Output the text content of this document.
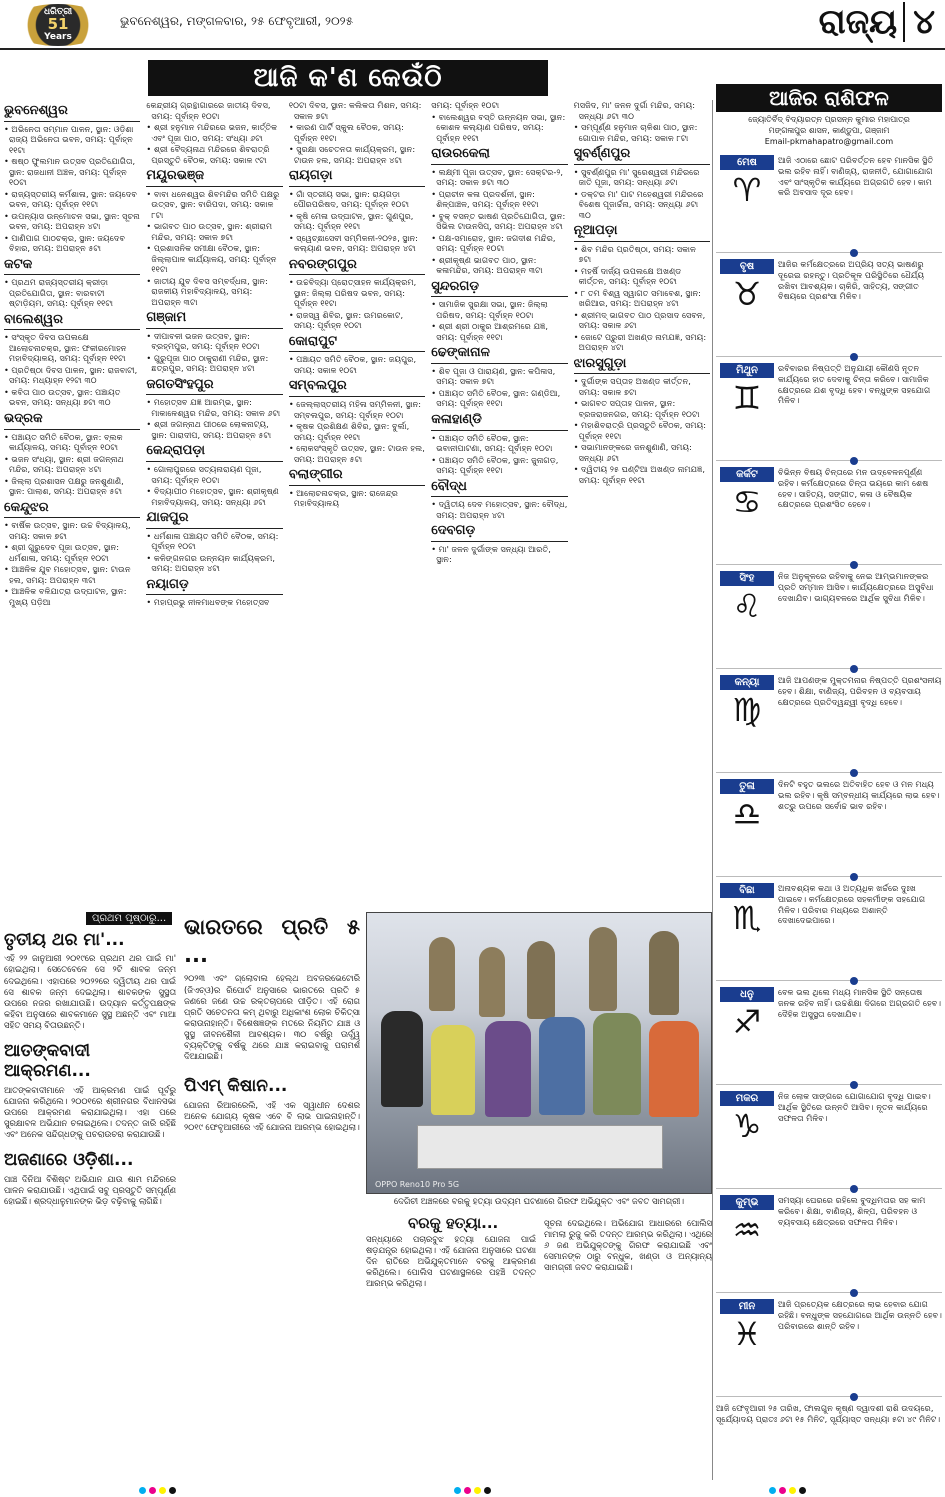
ଧରିତ୍ରୀ
51
Years
ଭୁବନେଶ୍ୱର, ମଙ୍ଗଳବାର, ୨୫ ଫେବୃଆରୀ, ୨୦୨୫	ରାଜ୍ୟ ୪
ଆଜି କ'ଣ କେଉଁଠି
ଭୁବନେଶ୍ୱର
• ଅଭିନେତା ସମ୍ମାନ ପାଳନ, ସ୍ଥାନ: ଓଡ଼ିଶା ରାଜ୍ୟ ଅଭିନେତା ଭବନ, ସମୟ: ପୂର୍ବାହ୍ନ ୧୧ଟା
• ଷଷ୍ଠ ଫୁଲମାନ ଉତ୍ସବ ପ୍ରତିଯୋଗିତା, ସ୍ଥାନ: ରାଜଧାନୀ ଅଞ୍ଚଳ, ସମୟ: ପୂର୍ବାହ୍ନ ୧୦ଟା
• ରାଜ୍ୟସ୍ତରୀୟ କର୍ମଶାଳା, ସ୍ଥାନ: ଜୟଦେବ ଭବନ, ସମୟ: ପୂର୍ବାହ୍ନ ୧୧ଟା
• ଉପନ୍ୟାସ ଉନ୍ମୋଚନ ସଭା, ସ୍ଥାନ: ସୂଚନା ଭବନ, ସମୟ: ଅପରାହ୍ନ ୪ଟା
• ପାଣିପାଗ ପାଠଚକ୍ର, ସ୍ଥାନ: ଜୟଦେବ ବିହାର, ସମୟ: ଅପରାହ୍ନ ୫ଟା
କଟକ
• ପ୍ରଥମ ରାଜ୍ୟସ୍ତରୀୟ କ୍ରୀଡ଼ା ପ୍ରତିଯୋଗିତା, ସ୍ଥାନ: ବାରବାଟୀ ଷ୍ଟାଡ଼ିୟମ, ସମୟ: ପୂର୍ବାହ୍ନ ୧୧ଟା
ବାଲେଶ୍ୱର
• ସଂସ୍କୃତ ଦିବସ ଉପଲକ୍ଷେ ଆଲୋଚନାଚକ୍ର, ସ୍ଥାନ: ଫକୀରମୋହନ ମହାବିଦ୍ୟାଳୟ, ସମୟ: ପୂର୍ବାହ୍ନ ୧୧ଟା
• ପ୍ରତିଷ୍ଠା ଦିବସ ପାଳନ, ସ୍ଥାନ: ରାଜବାଟୀ, ସମୟ: ମଧ୍ୟାହ୍ନ ୧୨ଟା ୩୦
• କବିତା ପାଠ ଉତ୍ସବ, ସ୍ଥାନ: ପଞ୍ଚାୟତ ଭବନ, ସମୟ: ସନ୍ଧ୍ୟା ୭ଟା ୩୦
ଭଦ୍ରକ
• ପଞ୍ଚାୟତ ସମିତି ବୈଠକ, ସ୍ଥାନ: ବ୍ଲକ କାର୍ଯ୍ୟାଳୟ, ସମୟ: ପୂର୍ବାହ୍ନ ୧୦ଟା
• ଭଜନ ସଂଧ୍ୟା, ସ୍ଥାନ: ଶ୍ରୀ ଜଗନ୍ନାଥ ମନ୍ଦିର, ସମୟ: ଅପରାହ୍ନ ୪ଟା
• ଜିଲ୍ଲା ପ୍ରଶାସନ ପକ୍ଷରୁ ଜନଶୁଣାଣି, ସ୍ଥାନ: ପାଲାଶ, ସମୟ: ଅପରାହ୍ନ ୫ଟା
କେନ୍ଦୁଝର
• ବାର୍ଷିକ ଉତ୍ସବ, ସ୍ଥାନ: ଉଚ୍ଚ ବିଦ୍ୟାଳୟ, ସମୟ: ସକାଳ ୭ଟା
• ଶ୍ରୀ ଗୁରୁଦେବ ପୂଜା ଉତ୍ସବ, ସ୍ଥାନ: ଧର୍ମଶାଳା, ସମୟ: ପୂର୍ବାହ୍ନ ୧୦ଟା
• ଆଞ୍ଚଳିକ ଯୁବ ମହୋତ୍ସବ, ସ୍ଥାନ: ଟାଉନ ହଲ, ସମୟ: ଅପରାହ୍ନ ୩ଟା
• ଆଞ୍ଚଳିକ ବଳିଯାତ୍ରା ଉଦ୍‌ଘାଟନ, ସ୍ଥାନ: ମୁଖ୍ୟ ପଡ଼ିଆ
କେନ୍ଦ୍ରୀୟ ଗ୍ରନ୍ଥାଗାରରେ ଜାତୀୟ ଦିବସ, ସମୟ: ପୂର୍ବାହ୍ନ ୧୦ଟା
• ଶ୍ରୀ ହନୁମାନ ମନ୍ଦିରରେ ଭଜନ, କାର୍ତ୍ତିକ ଏବଂ ପୂଜା ପାଠ, ସମୟ: ସଂଧ୍ୟା ୬ଟା
• ଶ୍ରୀ ବୈଦ୍ୟନାଥ ମନ୍ଦିରରେ ଶିବରାତ୍ରି ପ୍ରସ୍ତୁତି ବୈଠକ, ସମୟ: ସକାଳ ୯ଟା
ମୟୂରଭଞ୍ଜ
• ବାବା ଧନେଶ୍ୱର ଶିବମନ୍ଦିର ସମିତି ପକ୍ଷରୁ ଉତ୍ସବ, ସ୍ଥାନ: ବାରିପଦା, ସମୟ: ସକାଳ ୮ଟା
• ଭାଗବତ ପାଠ ଉତ୍ସବ, ସ୍ଥାନ: ଶ୍ରୀରାମ ମନ୍ଦିର, ସମୟ: ସକାଳ ୭ଟା
• ପ୍ରଶାସନିକ ସମୀକ୍ଷା ବୈଠକ, ସ୍ଥାନ: ଜିଲ୍ଲାପାଳ କାର୍ଯ୍ୟାଳୟ, ସମୟ: ପୂର୍ବାହ୍ନ ୧୧ଟା
• ଜାତୀୟ ଯୁବ ଦିବସ ସମ୍ବର୍ଦ୍ଧନା, ସ୍ଥାନ: ରାଜକୀୟ ମହାବିଦ୍ୟାଳୟ, ସମୟ: ଅପରାହ୍ନ ୩ଟା
ଗଞ୍ଜାମ
• ଦୀପାବଳୀ ଭଜନ ଉତ୍ସବ, ସ୍ଥାନ: ବ୍ରହ୍ମପୁର, ସମୟ: ପୂର୍ବାହ୍ନ ୧୦ଟା
• ଗୁରୁପୂଜା ପାଠ ଠାକୁରାଣୀ ମନ୍ଦିର, ସ୍ଥାନ: ଛତ୍ରପୁର, ସମୟ: ଅପରାହ୍ନ ୪ଟା
ଜଗତସିଂହପୁର
• ମହୋତ୍ସବ ଯଜ୍ଞ ଆରମ୍ଭ, ସ୍ଥାନ: ମାକାଳେଶ୍ୱର ମନ୍ଦିର, ସମୟ: ସକାଳ ୬ଟା
• ଶ୍ରୀ ଜଗନ୍ନାଥ ପୀଠରେ ଲୋକନାଟ୍ୟ, ସ୍ଥାନ: ପାରାଦୀପ, ସମୟ: ଅପରାହ୍ନ ୫ଟା
କେନ୍ଦ୍ରାପଡ଼ା
• ଗୋଲାପୁରରେ ସତ୍ୟନାରାୟଣ ପୂଜା, ସମୟ: ପୂର୍ବାହ୍ନ ୧୦ଟା
• ବିଦ୍ୟାପୀଠ ମହୋତ୍ସବ, ସ୍ଥାନ: ଶ୍ରୀକୃଷ୍ଣ ମହାବିଦ୍ୟାଳୟ, ସମୟ: ସନ୍ଧ୍ୟା ୬ଟା
ଯାଜପୁର
• ଧର୍ମଶାଳା ପଞ୍ଚାୟତ ସମିତି ବୈଠକ, ସମୟ: ପୂର୍ବାହ୍ନ ୧୦ଟା
• କଳିଙ୍ଗନଗର ଉନ୍ନୟନ କାର୍ଯ୍ୟକ୍ରମ, ସମୟ: ଅପରାହ୍ନ ୪ଟା
ନୟାଗଡ଼
• ମହାପ୍ରଭୁ ନୀଳମାଧବଙ୍କ ମହୋତ୍ସବ
୧୦ଟା ଦିବସ, ସ୍ଥାନ: କଲିକତା ମିଶନ, ସମୟ: ସକାଳ ୭ଟା
• କାରଣ ପାର୍ଟି ସ୍କୁଲ ବୈଠକ, ସମୟ: ପୂର୍ବାହ୍ନ ୧୧ଟା
• ସୁରକ୍ଷା ସଚେତନତା କାର୍ଯ୍ୟକ୍ରମ, ସ୍ଥାନ: ଟାଉନ ହଲ, ସମୟ: ଅପରାହ୍ନ ୪ଟା
ରାୟଗଡ଼ା
• ଗାଁ ସ୍ତରୀୟ ସଭା, ସ୍ଥାନ: ରାୟଗଡ଼ା ପୌରପରିଷଦ, ସମୟ: ପୂର୍ବାହ୍ନ ୧୦ଟା
• କୃଷି ମେଳା ଉଦ୍‌ଘାଟନ, ସ୍ଥାନ: ଗୁଣପୁର, ସମୟ: ପୂର୍ବାହ୍ନ ୧୧ଟା
• ସ୍ୱେଚ୍ଛାସେବୀ ସମ୍ମିଳନୀ-୨୦୨୫, ସ୍ଥାନ: କଲ୍ୟାଣ ଭବନ, ସମୟ: ଅପରାହ୍ନ ୪ଟା
ନବରଙ୍ଗପୁର
• ଉଚ୍ଚବିଦ୍ୟା ପ୍ରୋତ୍ସାହନ କାର୍ଯ୍ୟକ୍ରମ, ସ୍ଥାନ: ଜିଲ୍ଲା ପରିଷଦ ଭବନ, ସମୟ: ପୂର୍ବାହ୍ନ ୧୧ଟା
• ରାଜସ୍ୱ ଶିବିର, ସ୍ଥାନ: ଉମରକୋଟ, ସମୟ: ପୂର୍ବାହ୍ନ ୧୦ଟା
କୋରାପୁଟ
• ପଞ୍ଚାୟତ ସମିତି ବୈଠକ, ସ୍ଥାନ: ଜୟପୁର, ସମୟ: ସକାଳ ୧୦ଟା
ସମ୍ବଲପୁର
• ଜେଲ୍ଲାସ୍ତରୀୟ ମହିଳା ସମ୍ମିଳନୀ, ସ୍ଥାନ: ସମ୍ବଲପୁର, ସମୟ: ପୂର୍ବାହ୍ନ ୧୦ଟା
• କୃଷକ ପ୍ରଶିକ୍ଷଣ ଶିବିର, ସ୍ଥାନ: ବୁର୍ଲା, ସମୟ: ପୂର୍ବାହ୍ନ ୧୧ଟା
• ଲୋକସଂସ୍କୃତି ଉତ୍ସବ, ସ୍ଥାନ: ଟାଉନ ହଲ, ସମୟ: ଅପରାହ୍ନ ୫ଟା
ବଲାଙ୍ଗୀର
• ଆଲୋଚନାଚକ୍ର, ସ୍ଥାନ: ରାଜେନ୍ଦ୍ର ମହାବିଦ୍ୟାଳୟ
ସମୟ: ପୂର୍ବାହ୍ନ ୧୦ଟା
• ବାଲେଶ୍ୱର ବସ୍ତି ଉନ୍ନୟନ ସଭା, ସ୍ଥାନ: କୋଶଳ କଲ୍ୟାଣ ପରିଷଦ, ସମୟ: ପୂର୍ବାହ୍ନ ୧୧ଟା
ରାଉରକେଲା
• ଲକ୍ଷ୍ମୀ ପୂଜା ଉତ୍ସବ, ସ୍ଥାନ: ସେକ୍ଟର-୨, ସମୟ: ସକାଳ ୭ଟା ୩୦
• ପ୍ରାଚୀନ କଳା ପ୍ରଦର୍ଶନୀ, ସ୍ଥାନ: ଶିଳ୍ପାଞ୍ଚଳ, ସମୟ: ପୂର୍ବାହ୍ନ ୧୧ଟା
• ବୁକ୍ ବସନ୍ତ ଭାଷଣ ପ୍ରତିଯୋଗିତା, ସ୍ଥାନ: ସିଭିଲ ଟାଉନସିପ୍, ସମୟ: ଅପରାହ୍ନ ୪ଟା
• ପକ୍ଷ-ସମାରୋହ, ସ୍ଥାନ: ଜଗଦୀଶ ମନ୍ଦିର, ସମୟ: ପୂର୍ବାହ୍ନ ୧୦ଟା
• ଶ୍ରୀକୃଷ୍ଣ ଭାଗବତ ପାଠ, ସ୍ଥାନ: କଳାମନ୍ଦିର, ସମୟ: ଅପରାହ୍ନ ୩ଟା
ସୁନ୍ଦରଗଡ଼
• ସାମାଜିକ ସୁରକ୍ଷା ସଭା, ସ୍ଥାନ: ଜିଲ୍ଲା ପରିଷଦ, ସମୟ: ପୂର୍ବାହ୍ନ ୧୦ଟା
• ଶ୍ରୀ ଶ୍ରୀ ଠାକୁର ଆଶ୍ରମରେ ଯଜ୍ଞ, ସମୟ: ପୂର୍ବାହ୍ନ ୧୧ଟା
ଢେଙ୍କାନାଳ
• ଶିବ ପୂଜା ଓ ପାରାୟଣ, ସ୍ଥାନ: କପିଳାସ, ସମୟ: ସକାଳ ୭ଟା
• ପଞ୍ଚାୟତ ସମିତି ବୈଠକ, ସ୍ଥାନ: ଗଣ୍ଡିଆ, ସମୟ: ପୂର୍ବାହ୍ନ ୧୧ଟା
କଳାହାଣ୍ଡି
• ପଞ୍ଚାୟତ ସମିତି ବୈଠକ, ସ୍ଥାନ: ଭବାନୀପାଟଣା, ସମୟ: ପୂର୍ବାହ୍ନ ୧୦ଟା
• ପଞ୍ଚାୟତ ସମିତି ବୈଠକ, ସ୍ଥାନ: ଜୁନାଗଡ଼, ସମୟ: ପୂର୍ବାହ୍ନ ୧୧ଟା
ବୌଦ୍ଧ
• ଦ୍ୱିତୀୟ ଦେବ ମହୋତ୍ସବ, ସ୍ଥାନ: ବୌଦ୍ଧ, ସମୟ: ଅପରାହ୍ନ ୪ଟା
ଦେବଗଡ଼
• ମା' ଜଳନ ଦୁର୍ଗାଙ୍କ ସନ୍ଧ୍ୟା ଆରତି, ସ୍ଥାନ:
ମସଜିଦ, ମା' ଜନନ ଦୁର୍ଗା ମନ୍ଦିର, ସମୟ: ସନ୍ଧ୍ୟା ୬ଟା ୩୦
• ସମ୍ପୂର୍ଣ୍ଣ ହନୁମାନ ଚାଳିଶା ପାଠ, ସ୍ଥାନ: ଗୋପାଳ ମନ୍ଦିର, ସମୟ: ସକାଳ ୮ଟା
ସୁବର୍ଣ୍ଣପୁର
• ସୁବର୍ଣ୍ଣପୁର ମା' ସୁରେଶ୍ୱରୀ ମନ୍ଦିରରେ ଜାତି ପୂଜା, ସମୟ: ସନ୍ଧ୍ୟା ୬ଟା
• ଡକ୍ଟର ମା' ପାଟ ମହେଶ୍ୱରୀ ମନ୍ଦିରରେ ବିଶେଷ ପୂଜାର୍ଚ୍ଚନା, ସମୟ: ସନ୍ଧ୍ୟା ୬ଟା ୩୦
ନୂଆପଡ଼ା
• ଶିବ ମନ୍ଦିର ପ୍ରତିଷ୍ଠା, ସମୟ: ସକାଳ ୭ଟା
• ମହର୍ଷି ଦାର୍ଜ୍ୟ ଉପଲକ୍ଷେ ଅଖଣ୍ଡ କୀର୍ତ୍ତନ, ସମୟ: ପୂର୍ବାହ୍ନ ୧୦ଟା
• ୮ ତମ ବିଶ୍ୱ ସ୍ୱାଗତ ସମାବେଶ, ସ୍ଥାନ: ଖରିଆର, ସମୟ: ଅପରାହ୍ନ ୪ଟା
• ଶ୍ରୀମଦ୍ ଭାଗବତ ପାଠ ପ୍ରସାଦ ସେବନ, ସମୟ: ସକାଳ ୬ଟା
• ଜୋଟେ ପ୍ରୁରୀ ଅଖଣ୍ଡ ନାମଯଜ୍ଞ, ସମୟ: ଅପରାହ୍ନ ୪ଟା
ଝାରସୁଗୁଡ଼ା
• ଦୁର୍ଗାଙ୍କ ସପ୍ତାହ ଅଖଣ୍ଡ କୀର୍ତ୍ତନ, ସମୟ: ସକାଳ ୭ଟା
• ଭାଗବତ ସପ୍ତାହ ପାଳନ, ସ୍ଥାନ: ବ୍ରଜରାଜନଗର, ସମୟ: ପୂର୍ବାହ୍ନ ୧୦ଟା
• ମହାଶିବରାତ୍ରି ପ୍ରସ୍ତୁତି ବୈଠକ, ସମୟ: ପୂର୍ବାହ୍ନ ୧୧ଟା
• ସଭାମାନଙ୍କରେ ଜନଶୁଣାଣି, ସମୟ: ସନ୍ଧ୍ୟା ୬ଟା
• ଦ୍ୱିତୀୟ ୨୫ ଘଣ୍ଟିଆ ଅଖଣ୍ଡ ନାମଯଜ୍ଞ, ସମୟ: ପୂର୍ବାହ୍ନ ୧୧ଟା
ଆଜିର ରାଶିଫଳ
ଜ୍ୟୋତିର୍ବିଦ୍ ବିଦ୍ୟାରତ୍ନ ପ୍ରସନ୍ନ କୁମାର ମହାପାତ୍ର
ମଙ୍ଗଳାପୁର ଶାସନ, କାଣ୍ଡୁପା, ଗଞ୍ଜାମ
Email-pkmahapatro@gmail.com
ମେଷ
♈
ଆଜି ଏଠାରେ ଛୋଟ ପରିବର୍ତ୍ତନ ହେବ ମାନସିକ ସ୍ଥିତି ଭଲ ରହିବ ନାହିଁ। ବାଣିଜ୍ୟ, ରାଜନୀତି, ଯୋଗାଯୋଗ ଏବଂ ସାଂସ୍କୃତିକ କାର୍ଯ୍ୟରେ ଅଗ୍ରଗତି ହେବ। କାମ କରି ଅବସାଦ ଦୂର ହେବ।
ବୃଷ
♉
ଆଜିର କର୍ମକ୍ଷେତ୍ରରେ ଅପ୍ରିୟ ସତ୍ୟ ଭାଷଣରୁ ଦୂରେଇ ରହନ୍ତୁ। ପ୍ରତିକୂଳ ପରିସ୍ଥିତିରେ ଧୈର୍ଯ୍ୟ ରଖିବା ଆବଶ୍ୟକ। ଚାକିରି, ସାହିତ୍ୟ, ସଙ୍ଗୀତ ବିଷୟରେ ପ୍ରଶଂସା ମିଳିବ।
ମିଥୁନ
♊
ରବିବାରର ନିଷ୍ପତ୍ତି ଅନୁଯାୟୀ କୌଣସି ନୂତନ କାର୍ଯ୍ୟରେ ହାତ ଦେବାକୁ ଚିନ୍ତା କରିବେ। ସାମାଜିକ କ୍ଷେତ୍ରରେ ଯଶ ବୃଦ୍ଧି ହେବ। ବନ୍ଧୁଙ୍କ ସହଯୋଗ ମିଳିବ।
କର୍କଟ
♋
ବିଭିନ୍ନ ବିଷୟ ଚିନ୍ତାରେ ମନ ଉଦ୍ବେଳନପୂର୍ଣ୍ଣ ରହିବ। କର୍ମକ୍ଷେତ୍ରରେ ଚିନ୍ତା ଭୟରେ କାମ ଶେଷ ହେବ। ସାହିତ୍ୟ, ସଙ୍ଗୀତ, କଳା ଓ ବୈଷୟିକ କ୍ଷେତ୍ରରେ ପ୍ରଶଂସିତ ହେବେ।
ସିଂହ
♌
ନିଜ ଅନୁକୂଳରେ ରହିବାକୁ ନେଇ ଆମ୍ଭମାନଙ୍କର ପ୍ରତି ସମ୍ମାନ ଆସିବ। କାର୍ଯ୍ୟକ୍ଷେତ୍ରରେ ଅସୁବିଧା ଦେଖାଯିବ। ଭାଗ୍ୟବଳରେ ଆର୍ଥିକ ସୁବିଧା ମିଳିବ।
କନ୍ୟା
♍
ଆଜି ଆପଣଙ୍କ ମୁକ୍ତମନାର ନିଷ୍ପତ୍ତି ପ୍ରଶଂସନୀୟ ହେବ। ଶିକ୍ଷା, ବାଣିଜ୍ୟ, ପରିବହନ ଓ ବ୍ୟବସାୟ କ୍ଷେତ୍ରରେ ପ୍ରତିଦ୍ୱନ୍ଦ୍ୱୀ ବୃଦ୍ଧି ହେବେ।
ତୁଳା
♎
ଦିନଟି ବହୁତ ଭଲରେ ଅତିବାହିତ ହେବ ଓ ମନ ମଧ୍ୟ ଭଲ ରହିବ। କୃଷି ସମ୍ବନ୍ଧୀୟ କାର୍ଯ୍ୟରେ ଲାଭ ହେବ। ଶତ୍ରୁ ଉପରେ ସର୍ବୋଚ୍ଚ ଭାବ ରହିବ।
ବିଛା
♏
ଅନାବଶ୍ୟକ କଥା ଓ ଅତ୍ୟଧିକ ଖର୍ଚ୍ଚରେ ଦୁଃଖ ପାଇବେ। କର୍ମକ୍ଷେତ୍ରରେ ସହକର୍ମୀଙ୍କ ସହଯୋଗ ମିଳିବ। ପରିବାର ମଧ୍ୟରେ ଅଶାନ୍ତି ଦେଖାଦେଇପାରେ।
ଧନୁ
♐
ବେଳ ଭଲ ଥିଲେ ମଧ୍ୟ ମାନସିକ ସ୍ଥିତି ସନ୍ତୋଷ ଜନକ ରହିବ ନାହିଁ। ଉଚ୍ଚଶିକ୍ଷା ଦିଗରେ ଅଗ୍ରଗତି ହେବ। ଦୈହିକ ଅସୁସ୍ଥତା ଦେଖାଯିବ।
ମକର
♑
ନିଜ ଲୋକ ସାଙ୍ଗରେ ଯୋଗାଯୋଗ ବୃଦ୍ଧି ପାଇବ। ଆର୍ଥିକ ସ୍ଥିତିରେ ଉନ୍ନତି ଆସିବ। ନୂତନ କାର୍ଯ୍ୟରେ ସଫଳତା ମିଳିବ।
କୁମ୍ଭ
♒
ସମସ୍ୟା ଘେରରେ ରହିଲେ ବୁଦ୍ଧିମତାର ସହ କାମ କରିବେ। ଶିକ୍ଷା, ବାଣିଜ୍ୟ, ଶିଳ୍ପ, ପରିବହନ ଓ ବ୍ୟବସାୟ କ୍ଷେତ୍ରରେ ସଫଳତା ମିଳିବ।
ମୀନ
♓
ଆଜି ପ୍ରତ୍ୟେକ କ୍ଷେତ୍ରରେ ଲାଭ ହେବାର ଯୋଗ ରହିଛି। ବନ୍ଧୁଙ୍କ ସହଯୋଗରେ ଆର୍ଥିକ ଉନ୍ନତି ହେବ। ପରିବାରରେ ଶାନ୍ତି ରହିବ।
ଆଜି ଫେବୃଆରୀ ୨୫ ତାରିଖ, ଫାଲଗୁନ କୃଷ୍ଣ ଦ୍ୱାଦଶୀ ରାଶି ଉଦୟରେ, ସୂର୍ଯ୍ୟୋଦୟ ପ୍ରାତଃ ୬ଟା ୧୫ ମିନିଟ, ସୂର୍ଯ୍ୟାସ୍ତ ସନ୍ଧ୍ୟା ୫ଟା ୪୯ ମିନିଟ।
ପ୍ରଥମ ପୃଷ୍ଠାରୁ...
ତୃତୀୟ ଥର ମା'...
ଏହି ୨୨ ଜାନୁଆରୀ ୨୦୧୯ରେ ପ୍ରଥମ ଥର ପାଇଁ ମା' ହୋଇଥିଲା। ସେତେବେଳେ ସେ ୨ଟି ଶାବକ ଜନ୍ମ ଦେଇଥିଲେ। ଏହାପରେ ୨୦୨୨ରେ ଦ୍ୱିତୀୟ ଥର ପାଇଁ ସେ ଶାବକ ଜନ୍ମ ଦେଇଥିଲା। ଶାବକଙ୍କ ସୁସ୍ଥତା ଉପରେ ନଜର ରଖାଯାଉଛି। ଉଦ୍ୟାନ କର୍ତ୍ତୃପକ୍ଷଙ୍କ କହିବା ଅନୁସାରେ ଶାବକମାନେ ସୁସ୍ଥ ଅଛନ୍ତି ଏବଂ ମାଆ ସହିତ ସମୟ ବିତାଉଛନ୍ତି।
ଆତଙ୍କବାଦୀ ଆକ୍ରମଣ...
ଆତଙ୍କବାଦୀମାନେ ଏହି ଆକ୍ରମଣ ପାଇଁ ପୂର୍ବରୁ ଯୋଜନା କରିଥିଲେ। ୨୦୦୧ରେ ଶ୍ରୀନଗର ବିଧାନସଭା ଉପରେ ଆକ୍ରମଣ କରାଯାଇଥିଲା। ଏହା ପରେ ସୁରକ୍ଷାବଳ ଅଭିଯାନ ଚଳାଇଥିଲେ। ତଦନ୍ତ ଜାରି ରହିଛି ଏବଂ ଅନେକ ସନ୍ଦିଗ୍ଧଙ୍କୁ ପଚରାଉଚରା କରାଯାଉଛି।
ଅଜଣାରେ ଓଡ଼ିଶା...
ପାଞ୍ଚ ଦିନିଆ ବିଶିଷ୍ଟ ଅଭିଯାନ ଯାଉ ଶାମ ମନ୍ଦିରରେ ପାଳନ କରାଯାଉଛି। ଏଥିପାଇଁ ସବୁ ପ୍ରସ୍ତୁତି ସମ୍ପୂର୍ଣ୍ଣ ହୋଇଛି। ଶ୍ରଦ୍ଧାଳୁମାନଙ୍କ ଭିଡ଼ ବଢ଼ିବାକୁ ଲାଗିଛି।
ଭାରତରେ ପ୍ରତି ୫ ...
୨୦୨୩ ଏବଂ ଗ୍ଲୋବାଲ ହେଲ୍ଥ ଅବଜରଭେଟୋରି (ଜିଏଚ୍ଓ)ର ରିପୋର୍ଟ ଅନୁସାରେ ଭାରତରେ ପ୍ରତି ୫ ଜଣରେ ଜଣେ ଉଚ୍ଚ ରକ୍ତଚାପରେ ପୀଡ଼ିତ। ଏହି ରୋଗ ପ୍ରତି ସଚେତନତା କମ୍ ଥିବାରୁ ଅଧିକାଂଶ ଲୋକ ଚିକିତ୍ସା କରାଉନାହାନ୍ତି। ବିଶେଷଜ୍ଞଙ୍କ ମତରେ ନିୟମିତ ଯାଞ୍ଚ ଓ ସୁସ୍ଥ ଜୀବନଶୈଳୀ ଆବଶ୍ୟକ। ୩୦ ବର୍ଷରୁ ଊର୍ଦ୍ଧ୍ୱ ବ୍ୟକ୍ତିଙ୍କୁ ବର୍ଷକୁ ଥରେ ଯାଞ୍ଚ କରାଇବାକୁ ପରାମର୍ଶ ଦିଆଯାଇଛି।
ପିଏମ୍ କିଷାନ...
ଯୋଜନା ରିଆରରେଲି, ଏହି ଏକ ସ୍ୱାଧୀନ ଦେଶର ଅନେକ ଯୋଗ୍ୟ କୃଷକ ଏବେ ବି ଲାଭ ପାଇନାହାନ୍ତି। ୨୦୧୯ ଫେବୃଆରୀରେ ଏହି ଯୋଜନା ଆରମ୍ଭ ହୋଇଥିଲା।
OPPO Reno10 Pro 5G
ଦେଗିଚୀ ଅଞ୍ଚଳରେ ବରକୁ ହତ୍ୟା ଉଦ୍ୟମ ଘଟଣାରେ ଗିରଫ ଅଭିଯୁକ୍ତ ଏବଂ ଜବତ ସାମଗ୍ରୀ।
ବରକୁ ହତ୍ୟା...
ସନ୍ଧ୍ୟାରେ ପଚାରବୁଝ ହତ୍ୟା ଯୋଜନା ପାଇଁ ଷଡ଼ଯନ୍ତ୍ର ହୋଇଥିଲା। ଏହି ଯୋଜନା ଅନୁସାରେ ଘଟଣା ଦିନ ରାତିରେ ଅଭିଯୁକ୍ତମାନେ ବରକୁ ଆକ୍ରମଣ କରିଥିଲେ। ପୋଲିସ ଘଟଣାସ୍ଥଳରେ ପହଞ୍ଚି ତଦନ୍ତ ଆରମ୍ଭ କରିଥିଲା।
ସୂଚନା ଦେଇଥିଲେ। ଅଭିଯୋଗ ଆଧାରରେ ପୋଲିସ ମାମଲା ରୁଜୁ କରି ତଦନ୍ତ ଆରମ୍ଭ କରିଥିଲା। ଏଥିରେ ୬ ଜଣ ଅଭିଯୁକ୍ତଙ୍କୁ ଗିରଫ କରାଯାଇଛି ଏବଂ ସେମାନଙ୍କ ଠାରୁ ବନ୍ଧୁକ, ଖଣ୍ଡା ଓ ଅନ୍ୟାନ୍ୟ ସାମଗ୍ରୀ ଜବତ କରାଯାଇଛି।
